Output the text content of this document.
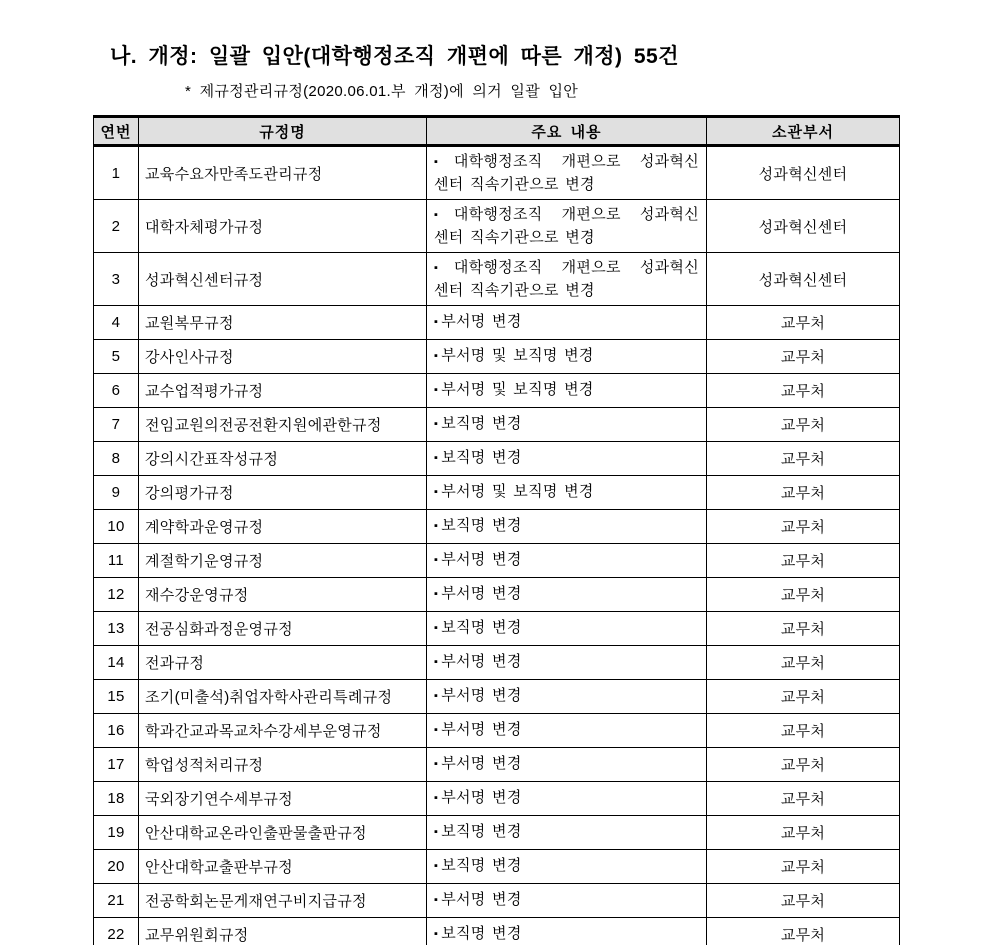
나. 개정: 일괄 입안(대학행정조직 개편에 따른 개정) 55건
* 제규정관리규정(2020.06.01.부 개정)에 의거 일괄 입안
연번	규정명	주요 내용	소관부서
1	교육수요자만족도관리규정	▪ 대학행정조직 개편으로 성과혁신
센터 직속기관으로 변경	성과혁신센터
2	대학자체평가규정	▪ 대학행정조직 개편으로 성과혁신
센터 직속기관으로 변경	성과혁신센터
3	성과혁신센터규정	▪ 대학행정조직 개편으로 성과혁신
센터 직속기관으로 변경	성과혁신센터
4	교원복무규정	▪ 부서명 변경	교무처
5	강사인사규정	▪ 부서명 및 보직명 변경	교무처
6	교수업적평가규정	▪ 부서명 및 보직명 변경	교무처
7	전임교원의전공전환지원에관한규정	▪ 보직명 변경	교무처
8	강의시간표작성규정	▪ 보직명 변경	교무처
9	강의평가규정	▪ 부서명 및 보직명 변경	교무처
10	계약학과운영규정	▪ 보직명 변경	교무처
11	계절학기운영규정	▪ 부서명 변경	교무처
12	재수강운영규정	▪ 부서명 변경	교무처
13	전공심화과정운영규정	▪ 보직명 변경	교무처
14	전과규정	▪ 부서명 변경	교무처
15	조기(미출석)취업자학사관리특례규정	▪ 부서명 변경	교무처
16	학과간교과목교차수강세부운영규정	▪ 부서명 변경	교무처
17	학업성적처리규정	▪ 부서명 변경	교무처
18	국외장기연수세부규정	▪ 부서명 변경	교무처
19	안산대학교온라인출판물출판규정	▪ 보직명 변경	교무처
20	안산대학교출판부규정	▪ 보직명 변경	교무처
21	전공학회논문게재연구비지급규정	▪ 부서명 변경	교무처
22	교무위원회규정	▪ 보직명 변경	교무처
